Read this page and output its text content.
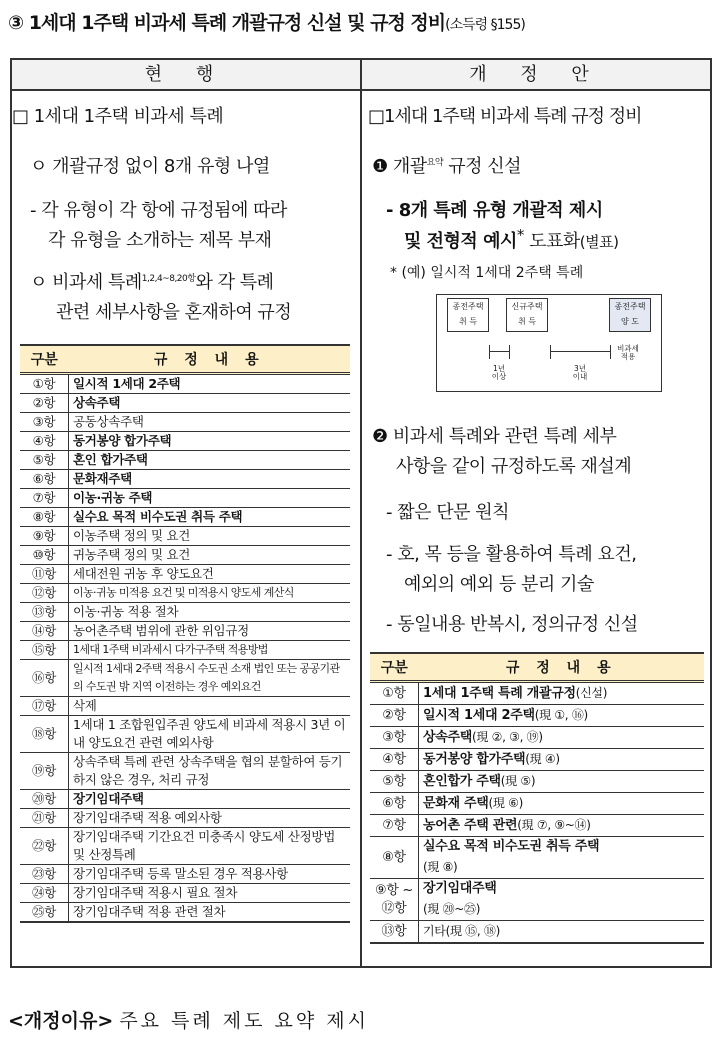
③ 1세대 1주택 비과세 특례 개괄규정 신설 및 규정 정비(소득령 §155)
현 행	개 정 안
□ 1세대 1주택 비과세 특례
ㅇ 개괄규정 없이 8개 유형 나열
- 각 유형이 각 항에 규정됨에 따라
각 유형을 소개하는 제목 부재
ㅇ 비과세 특례$^{1,2,4\sim 8,20항}$와 각 특례
관련 세부사항을 혼재하여 규정
구분	규 정 내 용
①항	일시적 1세대 2주택
②항	상속주택
③항	공동상속주택
④항	동거봉양 합가주택
⑤항	혼인 합가주택
⑥항	문화재주택
⑦항	이농·귀농 주택
⑧항	실수요 목적 비수도권 취득 주택
⑨항	이농주택 정의 및 요건
⑩항	귀농주택 정의 및 요건
⑪항	세대전원 귀농 후 양도요건
⑫항	이농·귀농 미적용 요건 및 미적용시 양도세 계산식
⑬항	이농·귀농 적용 절차
⑭항	농어촌주택 범위에 관한 위임규정
⑮항	1세대 1주택 비과세시 다가구주택 적용방법
⑯항	일시적 1세대 2주택 적용시 수도권 소재 법인 또는 공공기관의 수도권 밖 지역 이전하는 경우 예외요건
⑰항	삭제
⑱항	1세대 1 조합원입주권 양도세 비과세 적용시 3년 이내 양도요건 관련 예외사항
⑲항	상속주택 특례 관련 상속주택을 협의 분할하여 등기하지 않은 경우, 처리 규정
⑳항	장기임대주택
㉑항	장기임대주택 적용 예외사항
㉒항	장기임대주택 기간요건 미충족시 양도세 산정방법 및 산정특례
㉓항	장기임대주택 등록 말소된 경우 적용사항
㉔항	장기임대주택 적용시 필요 절차
㉕항	장기임대주택 적용 관련 절차
□1세대 1주택 비과세 특례 규정 정비
❶ 개괄$^{요약}$ 규정 신설
- 8개 특례 유형 개괄적 제시
및 전형적 예시* 도표화(별표)
* (예) 일시적 1세대 2주택 특례
종전주택
취 득
신규주택
취 득
종전주택
양 도
1년
이상
3년
이내
비과세
적용
❷ 비과세 특례와 관련 특례 세부
사항을 같이 규정하도록 재설계
- 짧은 단문 원칙
- 호, 목 등을 활용하여 특례 요건,
예외의 예외 등 분리 기술
- 동일내용 반복시, 정의규정 신설
구분	규 정 내 용
①항	1세대 1주택 특례 개괄규정(신설)
②항	일시적 1세대 2주택(現 ①, ⑯)
③항	상속주택(現 ②, ③, ⑲)
④항	동거봉양 합가주택(現 ④)
⑤항	혼인합가 주택(現 ⑤)
⑥항	문화재 주택(現 ⑥)
⑦항	농어촌 주택 관련(現 ⑦, ⑨~⑭)
⑧항	실수요 목적 비수도권 취득 주택
(現 ⑧)
⑨항 ~ ⑫항	장기임대주택
(現 ⑳~㉕)
⑬항	기타(現 ⑮, ⑱)
<개정이유> 주요 특례 제도 요약 제시
